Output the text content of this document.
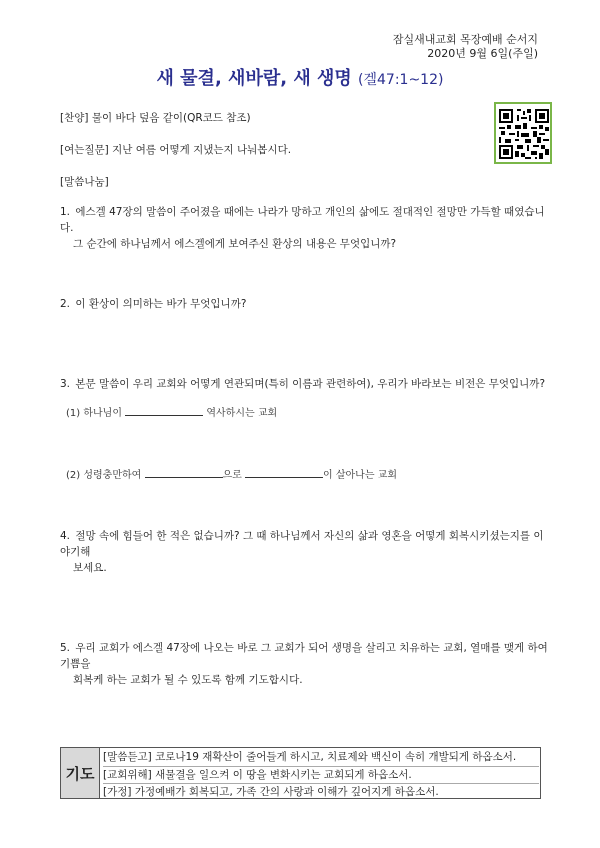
잠실새내교회 목장예배 순서지
2020년 9월 6일(주일)
새 물결, 새바람, 새 생명 (겔47:1~12)
[찬양] 물이 바다 덮음 같이(QR코드 참조)
[여는질문] 지난 여름 어떻게 지냈는지 나눠봅시다.
[말씀나눔]
1. 에스겔 47장의 말씀이 주어졌을 때에는 나라가 망하고 개인의 삶에도 절대적인 절망만 가득할 때였습니다.
그 순간에 하나님께서 에스겔에게 보여주신 환상의 내용은 무엇입니까?
2. 이 환상이 의미하는 바가 무엇입니까?
3. 본문 말씀이 우리 교회와 어떻게 연관되며(특히 이름과 관련하여), 우리가 바라보는 비전은 무엇입니까?
(1) 하나님이	역사하시는 교회
(2) 성령충만하여	으로	이 살아나는 교회
4. 절망 속에 힘들어 한 적은 없습니까? 그 때 하나님께서 자신의 삶과 영혼을 어떻게 회복시키셨는지를 이야기해
보세요.
5. 우리 교회가 에스겔 47장에 나오는 바로 그 교회가 되어 생명을 살리고 치유하는 교회, 열매를 맺게 하여 기쁨을
회복케 하는 교회가 될 수 있도록 함께 기도합시다.
기도
[말씀듣고] 코로나19 재확산이 줄어들게 하시고, 치료제와 백신이 속히 개발되게 하옵소서.
[교회위해] 새물결을 일으켜 이 땅을 변화시키는 교회되게 하옵소서.
[가정] 가정예배가 회복되고, 가족 간의 사랑과 이해가 깊어지게 하옵소서.
